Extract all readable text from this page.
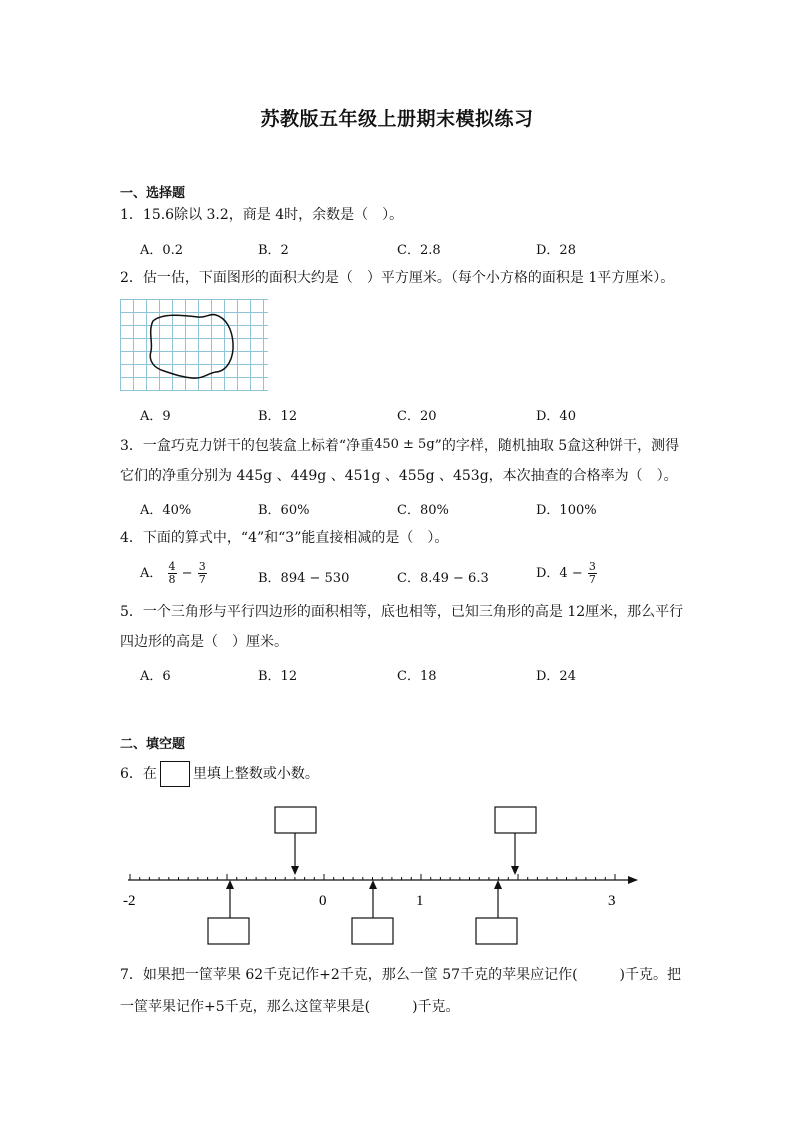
苏教版五年级上册期末模拟练习
一、选择题
1．15.6除以 3.2，商是 4时，余数是（　）。
A．0.2	B．2	C．2.8	D．28
2．估一估，下面图形的面积大约是（　）平方厘米。（每个小方格的面积是 1平方厘米）。
A．9	B．12	C．20	D．40
3．一盒巧克力饼干的包装盒上标着“净重450 ± 5g”的字样，随机抽取 5盒这种饼干，测得
它们的净重分别为 445g 、449g 、451g 、455g 、453g，本次抽查的合格率为（　）。
A．40%	B．60%	C．80%	D．100%
4．下面的算式中，“4”和“3”能直接相减的是（　）。
A． $\frac{4}{8} - \frac{3}{7}$	B．894 − 530	C．8.49 − 6.3	D．$4 - \frac{3}{7}$
5．一个三角形与平行四边形的面积相等，底也相等，已知三角形的高是 12厘米，那么平行
四边形的高是（　）厘米。
A．6	B．12	C．18	D．24
二、填空题
6．在	里填上整数或小数。
-2	0	1	3
7．如果把一筐苹果 62千克记作+2千克，那么一筐 57千克的苹果应记作(　　　)千克。把
一筐苹果记作+5千克，那么这筐苹果是(　　　)千克。
